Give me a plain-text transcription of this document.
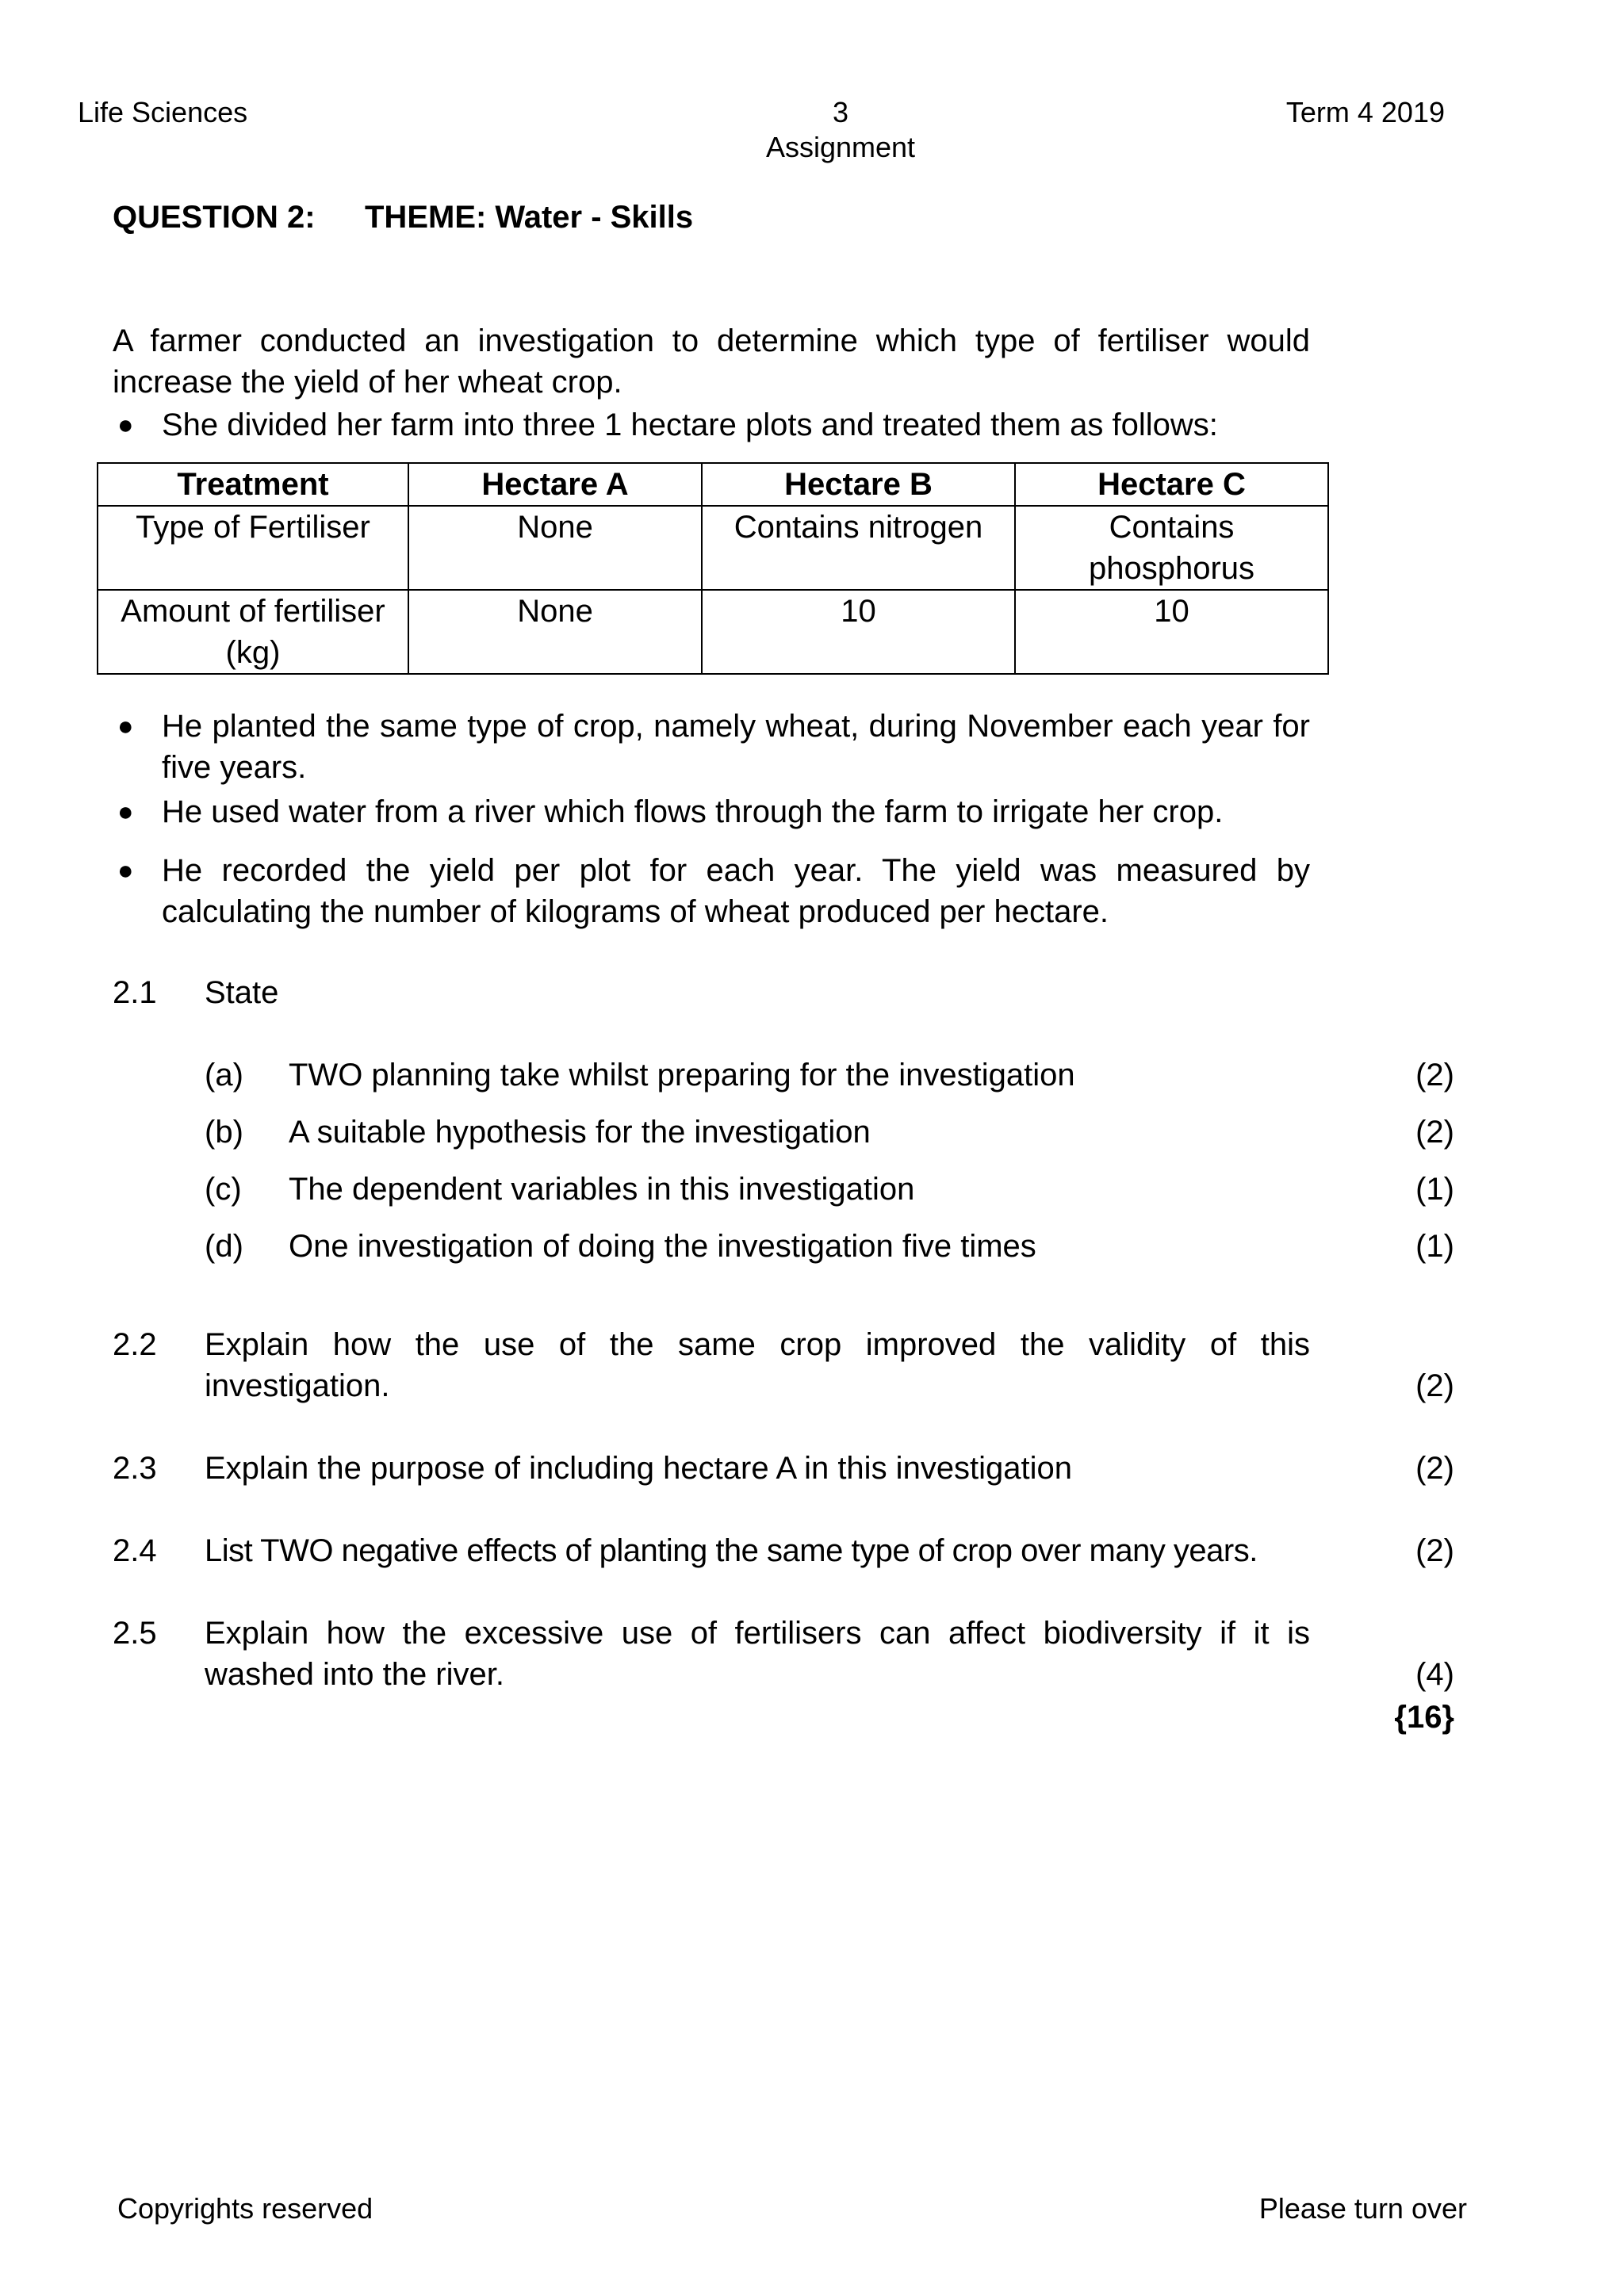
Life Sciences	3
Assignment
Term 4 2019
QUESTION 2: THEME: Water - Skills

A farmer conducted an investigation to determine which type of fertiliser would increase the yield of her wheat crop.

● She divided her farm into three 1 hectare plots and treated them as follows:

Treatment	Hectare A	Hectare B	Hectare C
Type of Fertiliser	None	Contains nitrogen	Contains phosphorus
Amount of fertiliser (kg)	None	10	10
● He planted the same type of crop, namely wheat, during November each year for five years.

● He used water from a river which flows through the farm to irrigate her crop.

● He recorded the yield per plot for each year. The yield was measured by calculating the number of kilograms of wheat produced per hectare.

2.1 State
(a) TWO planning take whilst preparing for the investigation	(2)
(b) A suitable hypothesis for the investigation	(2)
(c) The dependent variables in this investigation	(1)
(d) One investigation of doing the investigation five times	(1)
2.2 Explain how the use of the same crop improved the validity of this investigation.	(2)
2.3 Explain the purpose of including hectare A in this investigation	(2)
2.4 List TWO negative effects of planting the same type of crop over many years.	(2)
2.5 Explain how the excessive use of fertilisers can affect biodiversity if it is washed into the river.	(4)
{16}
Copyrights reserved	Please turn over
